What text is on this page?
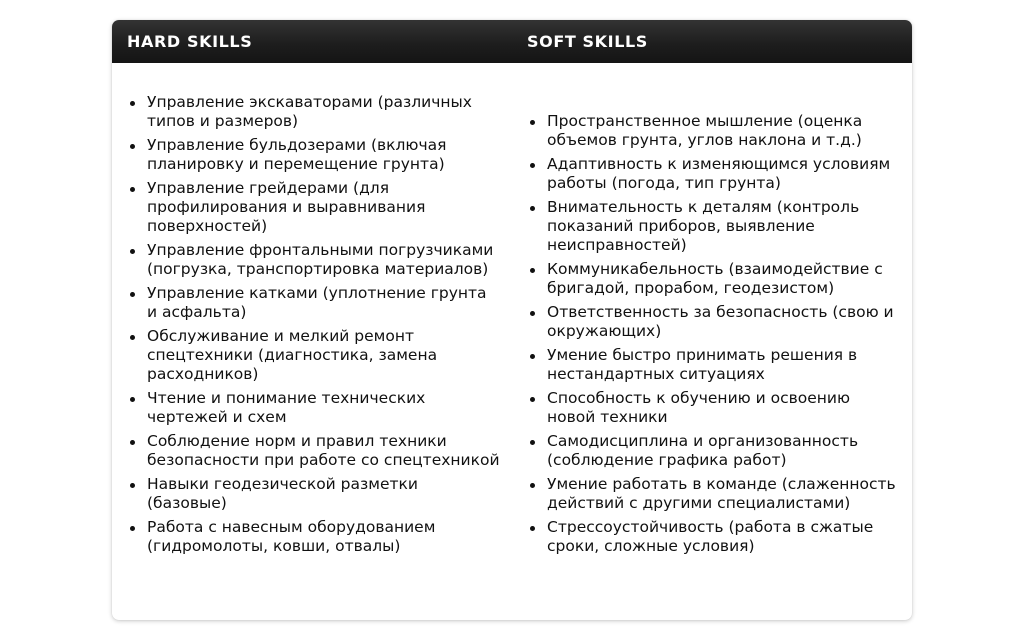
HARD SKILLS	SOFT SKILLS
Управление экскаваторами (различных типов и размеров)
Управление бульдозерами (включая планировку и перемещение грунта)
Управление грейдерами (для профилирования и выравнивания поверхностей)
Управление фронтальными погрузчиками (погрузка, транспортировка материалов)
Управление катками (уплотнение грунта и асфальта)
Обслуживание и мелкий ремонт спецтехники (диагностика, замена расходников)
Чтение и понимание технических чертежей и схем
Соблюдение норм и правил техники безопасности при работе со спецтехникой
Навыки геодезической разметки (базовые)
Работа с навесным оборудованием (гидромолоты, ковши, отвалы)
Пространственное мышление (оценка объемов грунта, углов наклона и т.д.)
Адаптивность к изменяющимся условиям работы (погода, тип грунта)
Внимательность к деталям (контроль показаний приборов, выявление неисправностей)
Коммуникабельность (взаимодействие с бригадой, прорабом, геодезистом)
Ответственность за безопасность (свою и окружающих)
Умение быстро принимать решения в нестандартных ситуациях
Способность к обучению и освоению новой техники
Самодисциплина и организованность (соблюдение графика работ)
Умение работать в команде (слаженность действий с другими специалистами)
Стрессоустойчивость (работа в сжатые сроки, сложные условия)
